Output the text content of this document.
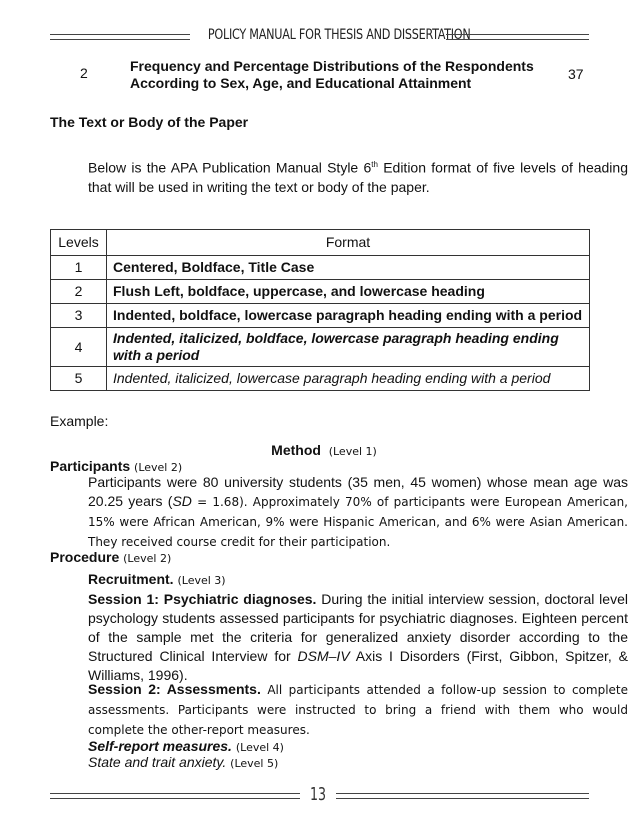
POLICY MANUAL FOR THESIS AND DISSERTATION
2	Frequency and Percentage Distributions of the Respondents According to Sex, Age, and Educational Attainment
37
The Text or Body of the Paper
Below is the APA Publication Manual Style 6th Edition format of five levels of heading that will be used in writing the text or body of the paper.
Levels	Format
1	Centered, Boldface, Title Case
2	Flush Left, boldface, uppercase, and lowercase heading
3	Indented, boldface, lowercase paragraph heading ending with a period
4	Indented, italicized, boldface, lowercase paragraph heading ending with a period
5	Indented, italicized, lowercase paragraph heading ending with a period
Example:
Method (Level 1)
Participants (Level 2)
Participants were 80 university students (35 men, 45 women) whose mean age was 20.25 years (SD = 1.68). Approximately 70% of participants were European American, 15% were African American, 9% were Hispanic American, and 6% were Asian American. They received course credit for their participation.
Procedure (Level 2)
Recruitment. (Level 3)
Session 1: Psychiatric diagnoses. During the initial interview session, doctoral level psychology students assessed participants for psychiatric diagnoses. Eighteen percent of the sample met the criteria for generalized anxiety disorder according to the Structured Clinical Interview for DSM–IV Axis I Disorders (First, Gibbon, Spitzer, & Williams, 1996).
Session 2: Assessments. All participants attended a follow-up session to complete assessments. Participants were instructed to bring a friend with them who would complete the other-report measures.
Self-report measures. (Level 4)
State and trait anxiety. (Level 5)
13
